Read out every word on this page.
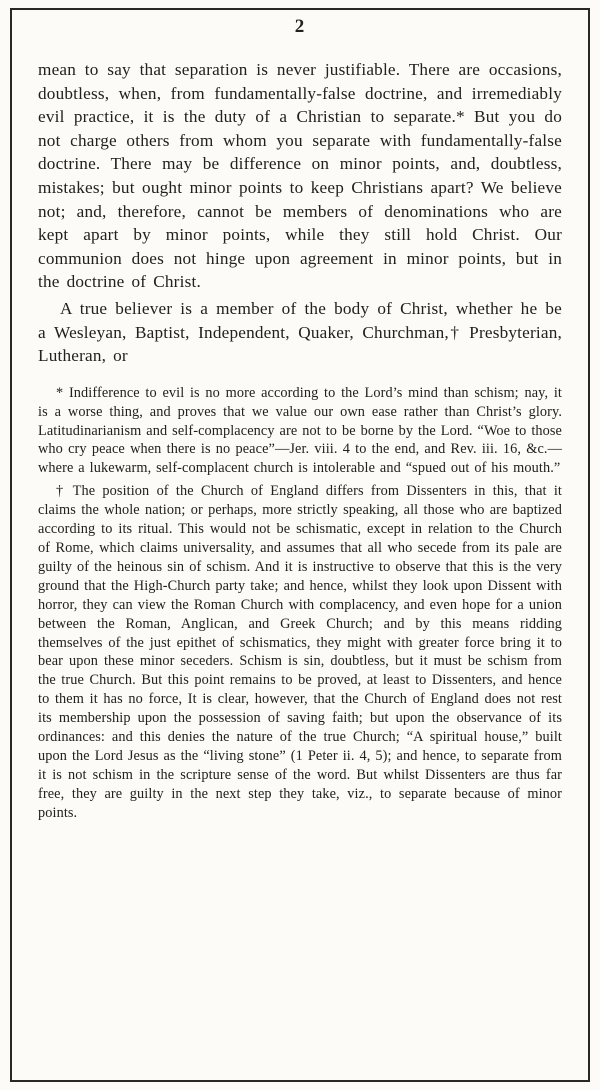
2

mean to say that separation is never justifiable. There are occasions, doubtless, when, from fundamentally-false doctrine, and irremediably evil practice, it is the duty of a Christian to separate.* But you do not charge others from whom you separate with fundamentally-false doctrine. There may be difference on minor points, and, doubtless, mistakes; but ought minor points to keep Christians apart? We believe not; and, therefore, cannot be members of denominations who are kept apart by minor points, while they still hold Christ. Our communion does not hinge upon agreement in minor points, but in the doctrine of Christ.

A true believer is a member of the body of Christ, whether he be a Wesleyan, Baptist, Independent, Quaker, Churchman,† Presbyterian, Lutheran, or

* Indifference to evil is no more according to the Lord’s mind than schism; nay, it is a worse thing, and proves that we value our own ease rather than Christ’s glory. Latitudinarianism and self-complacency are not to be borne by the Lord. “Woe to those who cry peace when there is no peace”—Jer. viii. 4 to the end, and Rev. iii. 16, &c.—where a lukewarm, self-complacent church is intolerable and “spued out of his mouth.”

† The position of the Church of England differs from Dissenters in this, that it claims the whole nation; or perhaps, more strictly speaking, all those who are baptized according to its ritual. This would not be schismatic, except in relation to the Church of Rome, which claims universality, and assumes that all who secede from its pale are guilty of the heinous sin of schism. And it is instructive to observe that this is the very ground that the High-Church party take; and hence, whilst they look upon Dissent with horror, they can view the Roman Church with complacency, and even hope for a union between the Roman, Anglican, and Greek Church; and by this means ridding themselves of the just epithet of schismatics, they might with greater force bring it to bear upon these minor seceders. Schism is sin, doubtless, but it must be schism from the true Church. But this point remains to be proved, at least to Dissenters, and hence to them it has no force, It is clear, however, that the Church of England does not rest its membership upon the possession of saving faith; but upon the observance of its ordinances: and this denies the nature of the true Church; “A spiritual house,” built upon the Lord Jesus as the “living stone” (1 Peter ii. 4, 5); and hence, to separate from it is not schism in the scripture sense of the word. But whilst Dissenters are thus far free, they are guilty in the next step they take, viz., to separate because of minor points.
